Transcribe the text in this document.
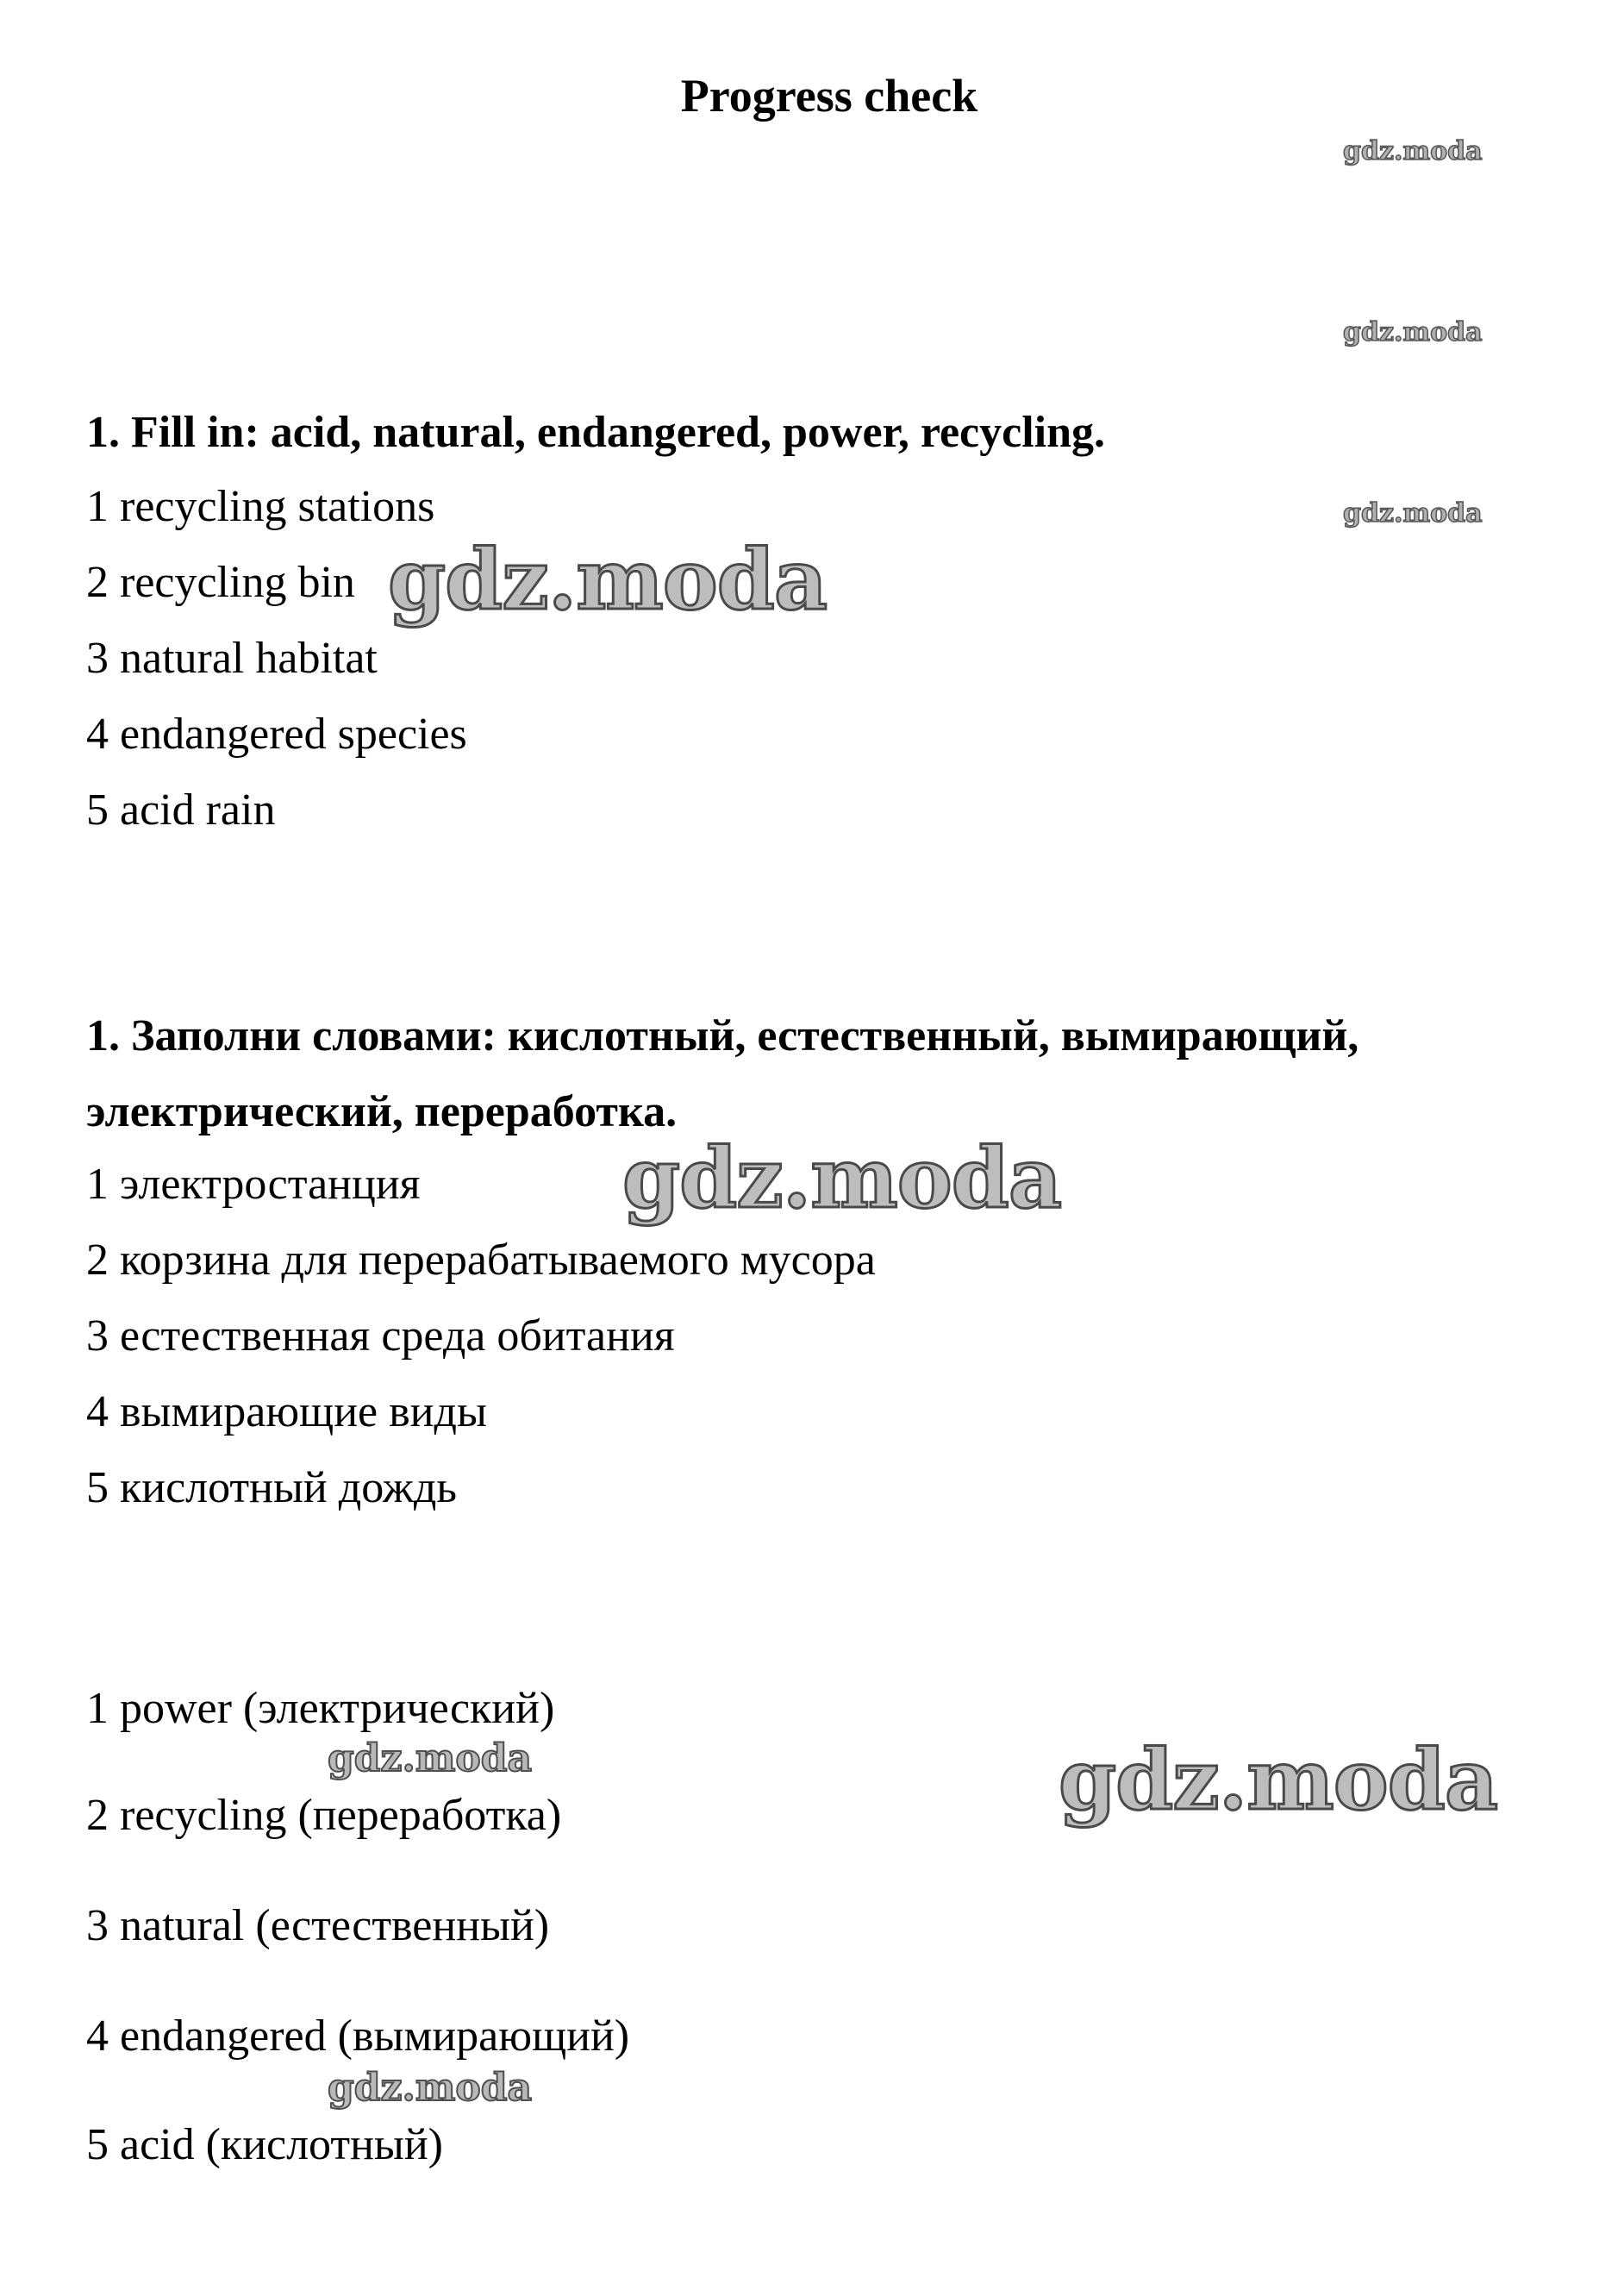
Progress check
gdz.moda
gdz.moda
gdz.moda

1. Fill in: acid, natural, endangered, power, recycling.

1 recycling stations

2 recycling bin

3 natural habitat

4 endangered species

5 acid rain

gdz.moda

1. Заполни словами: кислотный, естественный, вымирающий,

электрический, переработка.

1 электростанция

2 корзина для перерабатываемого мусора

3 естественная среда обитания

4 вымирающие виды

5 кислотный дождь

gdz.moda

1 power (электрический)

gdz.moda

2 recycling (переработка)

3 natural (естественный)

4 endangered (вымирающий)

gdz.moda

5 acid (кислотный)

gdz.moda
